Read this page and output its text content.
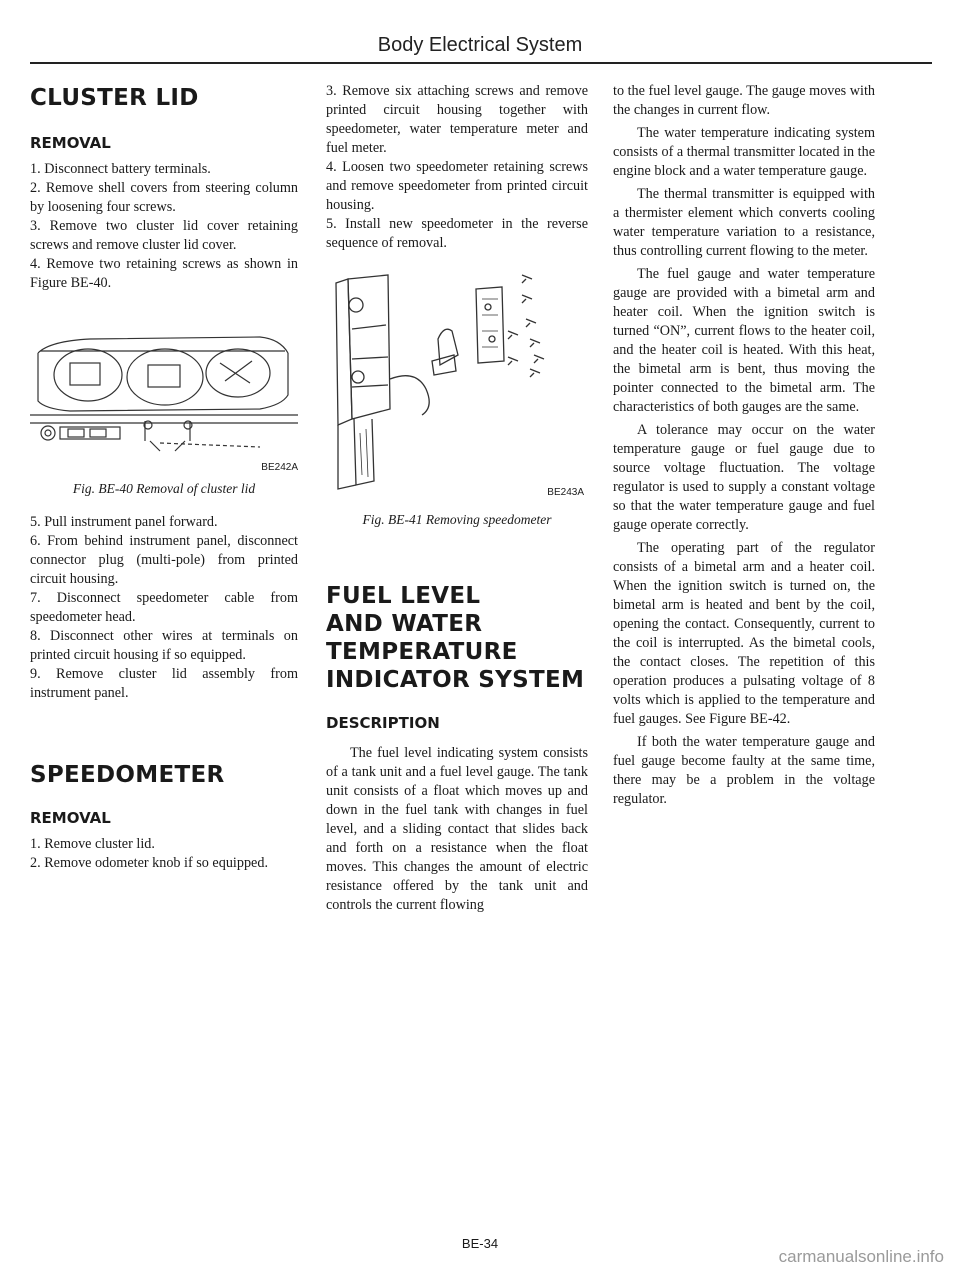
Body Electrical System
CLUSTER LID
REMOVAL

1. Disconnect battery terminals.

2. Remove shell covers from steering column by loosening four screws.

3. Remove two cluster lid cover retaining screws and remove cluster lid cover.

4. Remove two retaining screws as shown in Figure BE-40.

BE242A

Fig. BE-40 Removal of cluster lid

5. Pull instrument panel forward.

6. From behind instrument panel, disconnect connector plug (multi-pole) from printed circuit housing.

7. Disconnect speedometer cable from speedometer head.

8. Disconnect other wires at terminals on printed circuit housing if so equipped.

9. Remove cluster lid assembly from instrument panel.

SPEEDOMETER
REMOVAL

1. Remove cluster lid.

2. Remove odometer knob if so equipped.

3. Remove six attaching screws and remove printed circuit housing together with speedometer, water temperature meter and fuel meter.

4. Loosen two speedometer retaining screws and remove speedometer from printed circuit housing.

5. Install new speedometer in the reverse sequence of removal.

BE243A

Fig. BE-41 Removing speedometer

FUEL LEVEL
AND WATER
TEMPERATURE
INDICATOR SYSTEM
DESCRIPTION

The fuel level indicating system consists of a tank unit and a fuel level gauge. The tank unit consists of a float which moves up and down in the fuel tank with changes in fuel level, and a sliding contact that slides back and forth on a resistance when the float moves. This changes the amount of electric resistance offered by the tank unit and controls the current flowing

to the fuel level gauge. The gauge moves with the changes in current flow.

The water temperature indicating system consists of a thermal transmitter located in the engine block and a water temperature gauge.

The thermal transmitter is equipped with a thermister element which converts cooling water temperature variation to a resistance, thus controlling current flowing to the meter.

The fuel gauge and water temperature gauge are provided with a bimetal arm and heater coil. When the ignition switch is turned “ON”, current flows to the heater coil, and the heater coil is heated. With this heat, the bimetal arm is bent, thus moving the pointer connected to the bimetal arm. The characteristics of both gauges are the same.

A tolerance may occur on the water temperature gauge or fuel gauge due to source voltage fluctuation. The voltage regulator is used to supply a constant voltage so that the water temperature gauge and fuel gauge operate correctly.

The operating part of the regulator consists of a bimetal arm and a heater coil. When the ignition switch is turned on, the bimetal arm is heated and bent by the coil, opening the contact. Consequently, current to the coil is interrupted. As the bimetal cools, the contact closes. The repetition of this operation produces a pulsating voltage of 8 volts which is applied to the temperature and fuel gauges. See Figure BE-42.

If both the water temperature gauge and fuel gauge become faulty at the same time, there may be a problem in the voltage regulator.

BE-34
carmanualsonline.info
